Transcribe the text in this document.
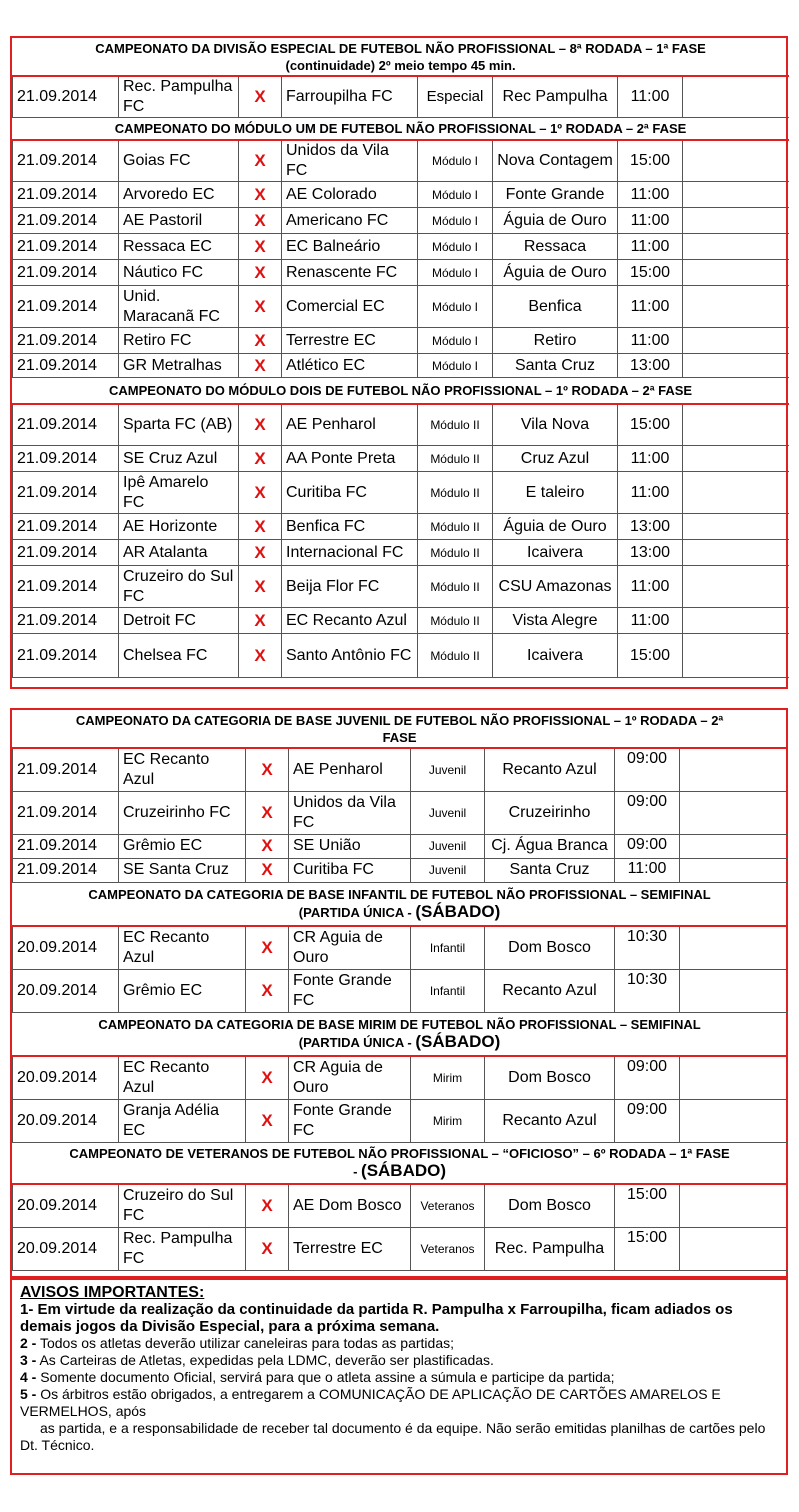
CAMPEONATO DA DIVISÃO ESPECIAL DE FUTEBOL NÃO PROFISSIONAL – 8ª RODADA – 1ª FASE
(continuidade) 2º meio tempo 45 min.							
21.09.2014	Rec. Pampulha FC	X	Farroupilha FC	Especial	Rec Pampulha	11:00	
CAMPEONATO DO MÓDULO UM DE FUTEBOL NÃO PROFISSIONAL – 1º RODADA – 2ª FASE							
21.09.2014	Goias FC	X	Unidos da Vila FC	Módulo I	Nova Contagem	15:00	
21.09.2014	Arvoredo EC	X	AE Colorado	Módulo I	Fonte Grande	11:00	
21.09.2014	AE Pastoril	X	Americano FC	Módulo I	Águia de Ouro	11:00	
21.09.2014	Ressaca EC	X	EC Balneário	Módulo I	Ressaca	11:00	
21.09.2014	Náutico FC	X	Renascente FC	Módulo I	Águia de Ouro	15:00	
21.09.2014	Unid. Maracanã FC	X	Comercial EC	Módulo I	Benfica	11:00	
21.09.2014	Retiro FC	X	Terrestre EC	Módulo I	Retiro	11:00	
21.09.2014	GR Metralhas	X	Atlético EC	Módulo I	Santa Cruz	13:00	
CAMPEONATO DO MÓDULO DOIS DE FUTEBOL NÃO PROFISSIONAL – 1º RODADA – 2ª FASE							
21.09.2014	Sparta FC (AB)	X	AE Penharol	Módulo II	Vila Nova	15:00	
21.09.2014	SE Cruz Azul	X	AA Ponte Preta	Módulo II	Cruz Azul	11:00	
21.09.2014	Ipê Amarelo FC	X	Curitiba FC	Módulo II	E taleiro	11:00	
21.09.2014	AE Horizonte	X	Benfica FC	Módulo II	Águia de Ouro	13:00	
21.09.2014	AR Atalanta	X	Internacional FC	Módulo II	Icaivera	13:00	
21.09.2014	Cruzeiro do Sul FC	X	Beija Flor FC	Módulo II	CSU Amazonas	11:00	
21.09.2014	Detroit FC	X	EC Recanto Azul	Módulo II	Vista Alegre	11:00	
21.09.2014	Chelsea FC	X	Santo Antônio FC	Módulo II	Icaivera	15:00	
CAMPEONATO DA CATEGORIA DE BASE JUVENIL DE FUTEBOL NÃO PROFISSIONAL – 1º RODADA – 2ª
FASE							
21.09.2014	EC Recanto Azul	X	AE Penharol	Juvenil	Recanto Azul	09:00	
21.09.2014	Cruzeirinho FC	X	Unidos da Vila FC	Juvenil	Cruzeirinho	09:00	
21.09.2014	Grêmio EC	X	SE União	Juvenil	Cj. Água Branca	09:00	
21.09.2014	SE Santa Cruz	X	Curitiba FC	Juvenil	Santa Cruz	11:00	
CAMPEONATO DA CATEGORIA DE BASE INFANTIL DE FUTEBOL NÃO PROFISSIONAL – SEMIFINAL
(PARTIDA ÚNICA - (SÁBADO)							
20.09.2014	EC Recanto Azul	X	CR Aguia de Ouro	Infantil	Dom Bosco	10:30	
20.09.2014	Grêmio EC	X	Fonte Grande FC	Infantil	Recanto Azul	10:30	
CAMPEONATO DA CATEGORIA DE BASE MIRIM DE FUTEBOL NÃO PROFISSIONAL – SEMIFINAL
(PARTIDA ÚNICA - (SÁBADO)							
20.09.2014	EC Recanto Azul	X	CR Aguia de Ouro	Mirim	Dom Bosco	09:00	
20.09.2014	Granja Adélia EC	X	Fonte Grande FC	Mirim	Recanto Azul	09:00	
CAMPEONATO DE VETERANOS DE FUTEBOL NÃO PROFISSIONAL – “OFICIOSO” – 6º RODADA – 1ª FASE
- (SÁBADO)							
20.09.2014	Cruzeiro do Sul FC	X	AE Dom Bosco	Veteranos	Dom Bosco	15:00	
20.09.2014	Rec. Pampulha FC	X	Terrestre EC	Veteranos	Rec. Pampulha	15:00	
AVISOS IMPORTANTES:
1- Em virtude da realização da continuidade da partida R. Pampulha x Farroupilha, ficam adiados os demais jogos da Divisão Especial, para a próxima semana.
2 - Todos os atletas deverão utilizar caneleiras para todas as partidas;
3 - As Carteiras de Atletas, expedidas pela LDMC, deverão ser plastificadas.
4 - Somente documento Oficial, servirá para que o atleta assine a súmula e participe da partida;
5 - Os árbitros estão obrigados, a entregarem a COMUNICAÇÃO DE APLICAÇÃO DE CARTÕES AMARELOS E VERMELHOS, após
as partida, e a responsabilidade de receber tal documento é da equipe. Não serão emitidas planilhas de cartões pelo Dt. Técnico.
